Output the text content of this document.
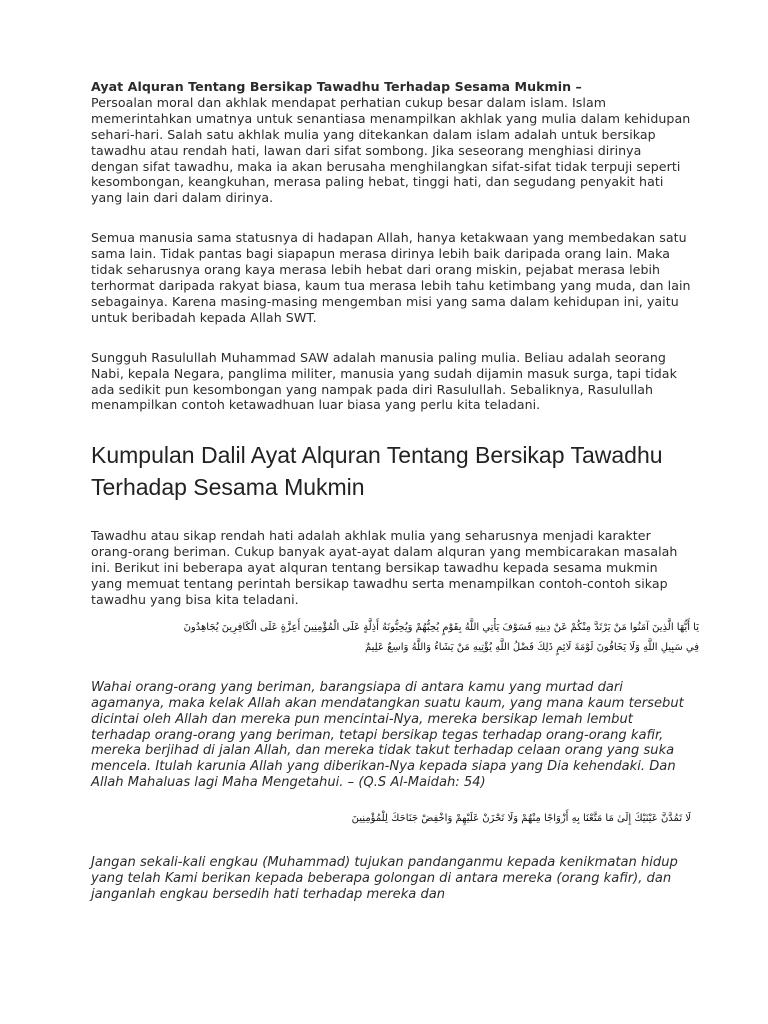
Ayat Alquran Tentang Bersikap Tawadhu Terhadap Sesama Mukmin –
Persoalan moral dan akhlak mendapat perhatian cukup besar dalam islam. Islam memerintahkan umatnya untuk senantiasa menampilkan akhlak yang mulia dalam kehidupan sehari-hari. Salah satu akhlak mulia yang ditekankan dalam islam adalah untuk bersikap tawadhu atau rendah hati, lawan dari sifat sombong. Jika seseorang menghiasi dirinya dengan sifat tawadhu, maka ia akan berusaha menghilangkan sifat-sifat tidak terpuji seperti kesombongan, keangkuhan, merasa paling hebat, tinggi hati, dan segudang penyakit hati yang lain dari dalam dirinya.

Semua manusia sama statusnya di hadapan Allah, hanya ketakwaan yang membedakan satu sama lain. Tidak pantas bagi siapapun merasa dirinya lebih baik daripada orang lain. Maka tidak seharusnya orang kaya merasa lebih hebat dari orang miskin, pejabat merasa lebih terhormat daripada rakyat biasa, kaum tua merasa lebih tahu ketimbang yang muda, dan lain sebagainya. Karena masing-masing mengemban misi yang sama dalam kehidupan ini, yaitu untuk beribadah kepada Allah SWT.

Sungguh Rasulullah Muhammad SAW adalah manusia paling mulia. Beliau adalah seorang Nabi, kepala Negara, panglima militer, manusia yang sudah dijamin masuk surga, tapi tidak ada sedikit pun kesombongan yang nampak pada diri Rasulullah. Sebaliknya, Rasulullah menampilkan contoh ketawadhuan luar biasa yang perlu kita teladani.

Kumpulan Dalil Ayat Alquran Tentang Bersikap Tawadhu Terhadap Sesama Mukmin

Tawadhu atau sikap rendah hati adalah akhlak mulia yang seharusnya menjadi karakter orang-orang beriman. Cukup banyak ayat-ayat dalam alquran yang membicarakan masalah ini. Berikut ini beberapa ayat alquran tentang bersikap tawadhu kepada sesama mukmin yang memuat tentang perintah bersikap tawadhu serta menampilkan contoh-contoh sikap tawadhu yang bisa kita teladani.

يَا أَيُّهَا الَّذِينَ آمَنُوا مَنْ يَرْتَدَّ مِنْكُمْ عَنْ دِينِهِ فَسَوْفَ يَأْتِي اللَّهُ بِقَوْمٍ يُحِبُّهُمْ وَيُحِبُّونَهُ أَذِلَّةٍ عَلَى الْمُؤْمِنِينَ أَعِزَّةٍ عَلَى الْكَافِرِينَ يُجَاهِدُونَ
فِي سَبِيلِ اللَّهِ وَلَا يَخَافُونَ لَوْمَةَ لَائِمٍ ذَلِكَ فَضْلُ اللَّهِ يُؤْتِيهِ مَنْ يَشَاءُ وَاللَّهُ وَاسِعٌ عَلِيمٌ

Wahai orang-orang yang beriman, barangsiapa di antara kamu yang murtad dari agamanya, maka kelak Allah akan mendatangkan suatu kaum, yang mana kaum tersebut dicintai oleh Allah dan mereka pun mencintai-Nya, mereka bersikap lemah lembut terhadap orang-orang yang beriman, tetapi bersikap tegas terhadap orang-orang kafir, mereka berjihad di jalan Allah, dan mereka tidak takut terhadap celaan orang yang suka mencela. Itulah karunia Allah yang diberikan-Nya kepada siapa yang Dia kehendaki. Dan Allah Mahaluas lagi Maha Mengetahui. – (Q.S Al-Maidah: 54)

لَا تَمُدَّنَّ عَيْنَيْكَ إِلَىٰ مَا مَتَّعْنَا بِهِ أَزْوَاجًا مِنْهُمْ وَلَا تَحْزَنْ عَلَيْهِمْ وَاخْفِضْ جَنَاحَكَ لِلْمُؤْمِنِينَ

Jangan sekali-kali engkau (Muhammad) tujukan pandanganmu kepada kenikmatan hidup yang telah Kami berikan kepada beberapa golongan di antara mereka (orang kafir), dan janganlah engkau bersedih hati terhadap mereka dan
